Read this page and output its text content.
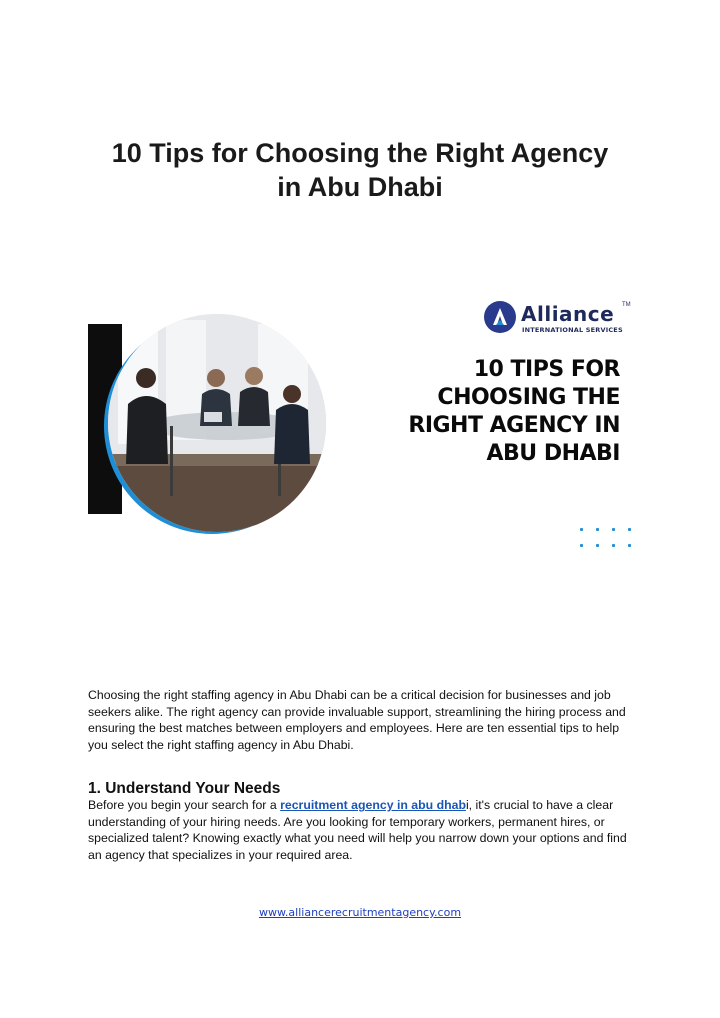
10 Tips for Choosing the Right Agency
in Abu Dhabi
Alliance
INTERNATIONAL SERVICES
TM
10 TIPS FOR
CHOOSING THE
RIGHT AGENCY IN
ABU DHABI

Choosing the right staffing agency in Abu Dhabi can be a critical decision for businesses and job seekers alike. The right agency can provide invaluable support, streamlining the hiring process and ensuring the best matches between employers and employees. Here are ten essential tips to help you select the right staffing agency in Abu Dhabi.

1. Understand Your Needs

Before you begin your search for a recruitment agency in abu dhabi, it's crucial to have a clear understanding of your hiring needs. Are you looking for temporary workers, permanent hires, or specialized talent? Knowing exactly what you need will help you narrow down your options and find an agency that specializes in your required area.

www.alliancerecruitmentagency.com
